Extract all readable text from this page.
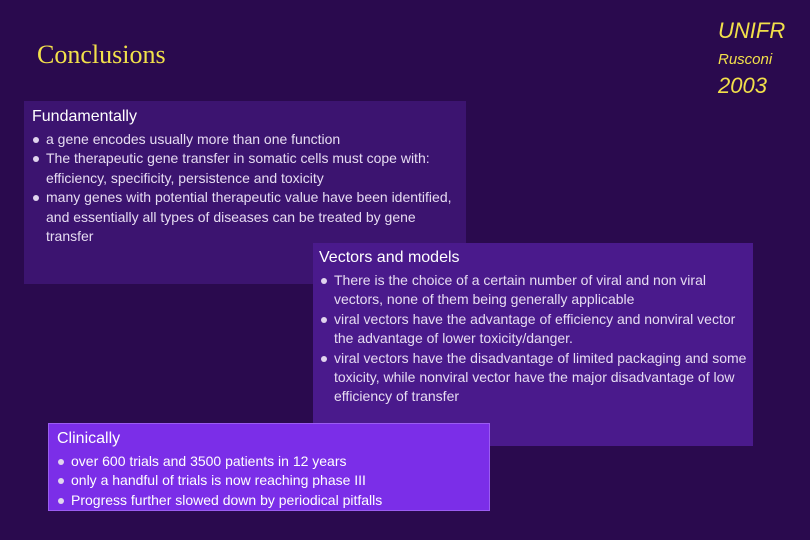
Conclusions
UNIFR
Rusconi
2003
Fundamentally
a gene encodes usually more than one function
The therapeutic gene transfer in somatic cells must cope with: efficiency, specificity, persistence and toxicity
many genes with potential therapeutic value have been identified, and essentially all types of diseases can be treated by gene transfer
Vectors and models
There is the choice of a certain number of viral and non viral vectors, none of them being generally applicable
viral vectors have the advantage of efficiency and nonviral vector the advantage of lower toxicity/danger.
viral vectors have the disadvantage of limited packaging and some toxicity, while nonviral vector have the major disadvantage of low efficiency of transfer
Clinically
over 600 trials and 3500 patients in 12 years
only a handful of trials is now reaching phase III
Progress further slowed down by periodical pitfalls
